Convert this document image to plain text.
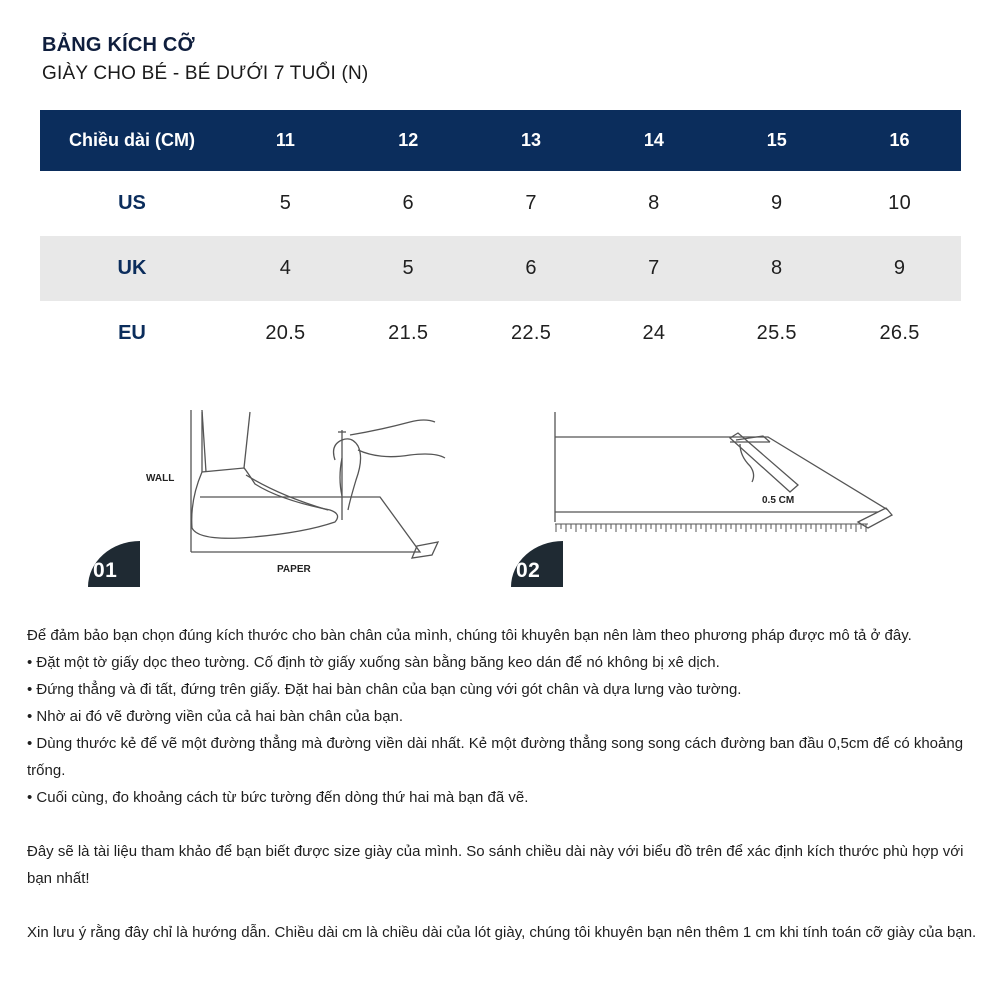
BẢNG KÍCH CỠ
GIÀY CHO BÉ - BÉ DƯỚI 7 TUỔI (N)
Chiều dài (CM)	11	12	13	14	15	16
US	5	6	7	8	9	10
UK	4	5	6	7	8	9
EU	20.5	21.5	22.5	24	25.5	26.5
WALL
PAPER
01
0.5 CM
02

Để đảm bảo bạn chọn đúng kích thước cho bàn chân của mình, chúng tôi khuyên bạn nên làm theo phương pháp được mô tả ở đây.

• Đặt một tờ giấy dọc theo tường. Cố định tờ giấy xuống sàn bằng băng keo dán để nó không bị xê dịch.

• Đứng thẳng và đi tất, đứng trên giấy. Đặt hai bàn chân của bạn cùng với gót chân và dựa lưng vào tường.

• Nhờ ai đó vẽ đường viền của cả hai bàn chân của bạn.

• Dùng thước kẻ để vẽ một đường thẳng mà đường viền dài nhất. Kẻ một đường thẳng song song cách đường ban đầu 0,5cm để có khoảng trống.

• Cuối cùng, đo khoảng cách từ bức tường đến dòng thứ hai mà bạn đã vẽ.

Đây sẽ là tài liệu tham khảo để bạn biết được size giày của mình. So sánh chiều dài này với biểu đồ trên để xác định kích thước phù hợp với bạn nhất!

Xin lưu ý rằng đây chỉ là hướng dẫn. Chiều dài cm là chiều dài của lót giày, chúng tôi khuyên bạn nên thêm 1 cm khi tính toán cỡ giày của bạn.
